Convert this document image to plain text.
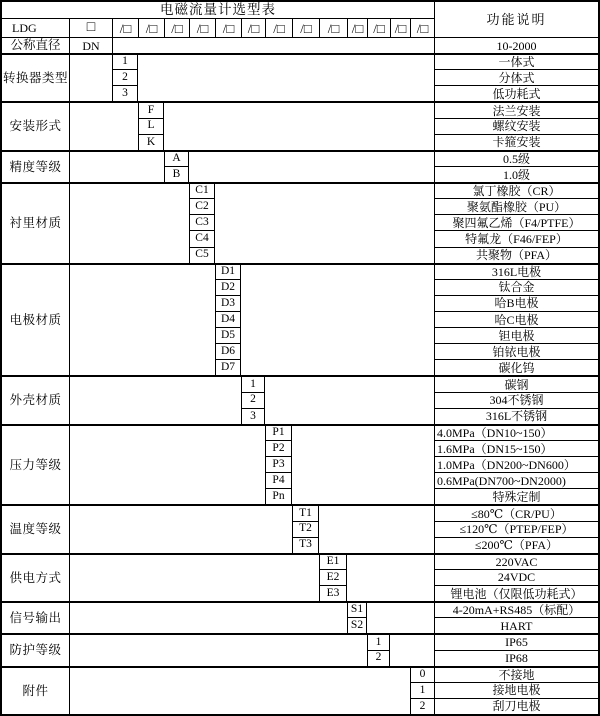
电磁流量计选型表
功能说明
LDG	□
公称直径	DN	10-2000
/□	/□	/□	/□	/□	/□	/□	/□	/□ /□ /□ /□ /□
转换器类型
1	一体式
2	分体式
3	低功耗式
安装形式
F	法兰安装
L	螺纹安装
K	卡箍安装
精度等级
A	0.5级
B	1.0级
衬里材质
C1	氯丁橡胶（CR）
C2	聚氨酯橡胶（PU）
C3	聚四氟乙烯（F4/PTFE）
C4	特氟龙（F46/FEP）
C5	共聚物（PFA）
电极材质
D1	316L电极
D2	钛合金
D3	哈B电极
D4	哈C电极
D5	钽电极
D6	铂铱电极
D7	碳化钨
外壳材质
1	碳钢
2	304不锈钢
3	316L不锈钢
压力等级
P1	4.0MPa（DN10~150）
P2	1.6MPa（DN15~150）
P3	1.0MPa（DN200~DN600）
P4	0.6MPa(DN700~DN2000)
Pn	特殊定制
温度等级
T1	≤80℃（CR/PU）
T2	≤120℃（PTEP/FEP）
T3	≤200℃（PFA）
供电方式
E1	220VAC
E2	24VDC
E3	锂电池（仅限低功耗式）
信号输出
S1	4-20mA+RS485（标配）
S2	HART
防护等级
1	IP65
2	IP68
附件
0	不接地
1	接地电极
2	刮刀电极
